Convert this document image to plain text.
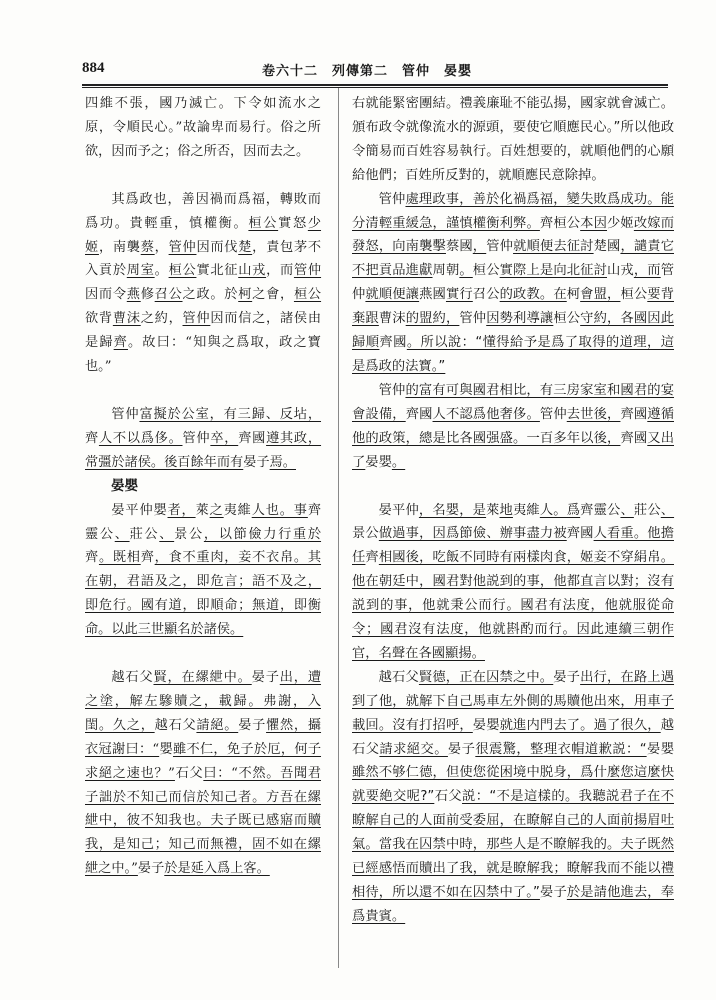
884	卷六十二　列傳第二　管仲　晏嬰

四維不張，國乃滅亡。下令如流水之原，令順民心。”故論卑而易行。俗之所欲，因而予之；俗之所否，因而去之。

其爲政也，善因禍而爲福，轉敗而爲功。貴輕重，慎權衡。桓公實怒少姬，南襲蔡，管仲因而伐楚，責包茅不入貢於周室。桓公實北征山戎，而管仲因而令燕修召公之政。於柯之會，桓公欲背曹沫之約，管仲因而信之，諸侯由是歸齊。故曰：“知與之爲取，政之寶也。”

管仲富擬於公室，有三歸、反坫，齊人不以爲侈。管仲卒，齊國遵其政，常彊於諸侯。後百餘年而有晏子焉。

晏嬰

晏平仲嬰者，萊之夷維人也。事齊靈公、莊公、景公，以節儉力行重於齊。既相齊，食不重肉，妾不衣帛。其在朝，君語及之，即危言；語不及之，即危行。國有道，即順命；無道，即衡命。以此三世顯名於諸侯。

越石父賢，在縲紲中。晏子出，遭之塗，解左驂贖之，載歸。弗謝，入閨。久之，越石父請絕。晏子懼然，攝衣冠謝曰：“嬰雖不仁，免子於厄，何子求絕之速也？”石父曰：“不然。吾聞君子詘於不知己而信於知己者。方吾在縲紲中，彼不知我也。夫子既已感寤而贖我，是知己；知己而無禮，固不如在縲紲之中。”晏子於是延入爲上客。

右就能緊密團結。禮義廉耻不能弘揚，國家就會滅亡。頒布政令就像流水的源頭，要使它順應民心。”所以他政令簡易而百姓容易執行。百姓想要的，就順他們的心願給他們；百姓所反對的，就順應民意除掉。

管仲處理政事，善於化禍爲福，變失敗爲成功。能分清輕重緩急，謹慎權衡利弊。齊桓公本因少姬改嫁而發怒，向南襲擊蔡國，管仲就順便去征討楚國，譴責它不把貢品進獻周朝。桓公實際上是向北征討山戎，而管仲就順便讓燕國實行召公的政教。在柯會盟，桓公要背棄跟曹沫的盟約，管仲因勢利導讓桓公守約，各國因此歸順齊國。所以說：“懂得給予是爲了取得的道理，這是爲政的法寶。”

管仲的富有可與國君相比，有三房家室和國君的宴會設備，齊國人不認爲他奢侈。管仲去世後，齊國遵循他的政策，總是比各國强盛。一百多年以後，齊國又出了晏嬰。

晏平仲，名嬰，是萊地夷維人。爲齊靈公、莊公、景公做過事，因爲節儉、辦事盡力被齊國人看重。他擔任齊相國後，吃飯不同時有兩樣肉食，姬妾不穿絹帛。他在朝廷中，國君對他説到的事，他都直言以對；沒有説到的事，他就秉公而行。國君有法度，他就服從命令；國君沒有法度，他就斟酌而行。因此連續三朝作官，名聲在各國顯揚。

越石父賢德，正在囚禁之中。晏子出行，在路上遇到了他，就解下自己馬車左外側的馬贖他出來，用車子載回。沒有打招呼，晏嬰就進内門去了。過了很久，越石父請求絕交。晏子很震驚，整理衣帽道歉説：“晏嬰雖然不够仁德，但使您從困境中脱身，爲什麼您這麼快就要絶交呢?”石父説：“不是這樣的。我聽説君子在不瞭解自己的人面前受委屈，在瞭解自己的人面前揚眉吐氣。當我在囚禁中時，那些人是不瞭解我的。夫子既然已經感悟而贖出了我，就是瞭解我；瞭解我而不能以禮相待，所以還不如在囚禁中了。”晏子於是請他進去，奉爲貴賓。
